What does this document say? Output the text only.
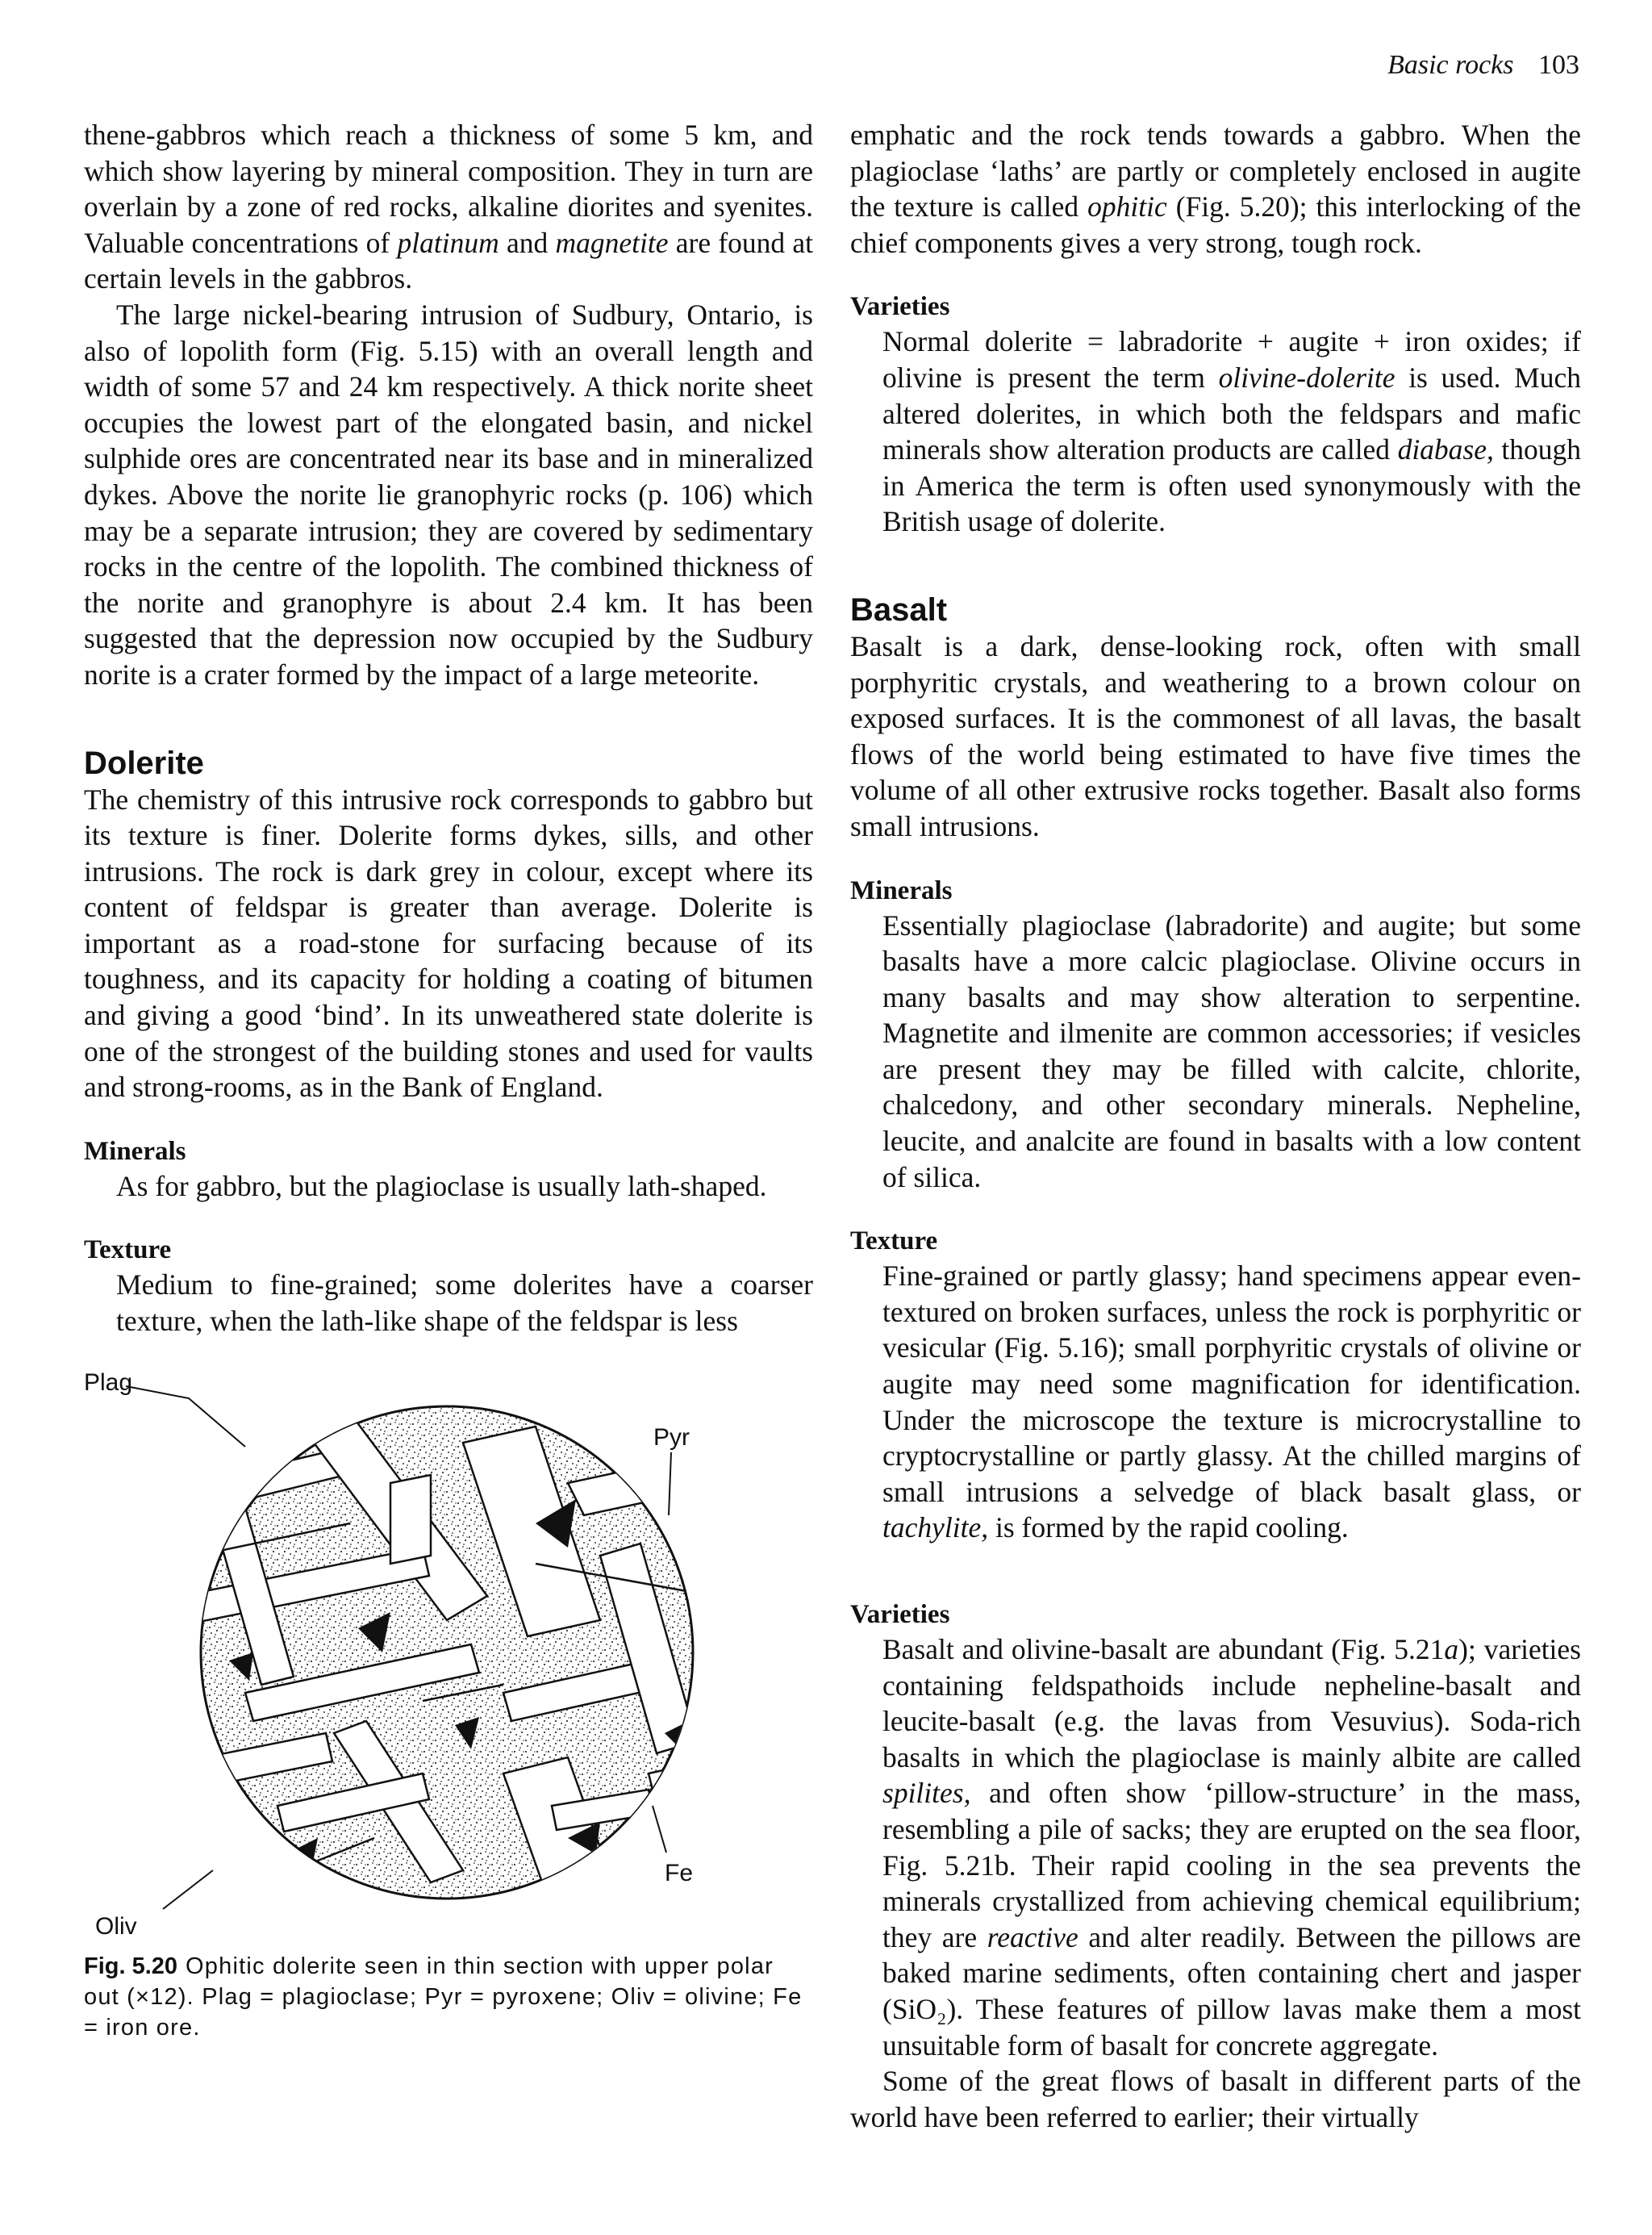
Basic rocks 103

thene-gabbros which reach a thickness of some 5 km, and which show layering by mineral composition. They in turn are overlain by a zone of red rocks, alkaline diorites and syenites. Valuable concentrations of platinum and magnetite are found at certain levels in the gabbros.

The large nickel-bearing intrusion of Sudbury, Ontario, is also of lopolith form (Fig. 5.15) with an overall length and width of some 57 and 24 km respectively. A thick norite sheet occupies the lowest part of the elongated basin, and nickel sulphide ores are concentrated near its base and in mineralized dykes. Above the norite lie granophyric rocks (p. 106) which may be a separate intrusion; they are covered by sedimentary rocks in the centre of the lopolith. The combined thickness of the norite and granophyre is about 2.4 km. It has been suggested that the depression now occupied by the Sudbury norite is a crater formed by the impact of a large meteorite.

Dolerite

The chemistry of this intrusive rock corresponds to gabbro but its texture is finer. Dolerite forms dykes, sills, and other intrusions. The rock is dark grey in colour, except where its content of feldspar is greater than average. Dolerite is important as a road-stone for surfacing because of its toughness, and its capacity for holding a coating of bitumen and giving a good ‘bind’. In its unweathered state dolerite is one of the strongest of the building stones and used for vaults and strong-rooms, as in the Bank of England.

Minerals

As for gabbro, but the plagioclase is usually lath-shaped.

Texture

Medium to fine-grained; some dolerites have a coarser texture, when the lath-like shape of the feldspar is less

Plag
Pyr
Fe
Oliv

Fig. 5.20 Ophitic dolerite seen in thin section with upper polar out (×12). Plag = plagioclase; Pyr = pyroxene; Oliv = olivine; Fe = iron ore.

emphatic and the rock tends towards a gabbro. When the plagioclase ‘laths’ are partly or completely enclosed in augite the texture is called ophitic (Fig. 5.20); this interlocking of the chief components gives a very strong, tough rock.

Varieties

Normal dolerite = labradorite + augite + iron oxides; if olivine is present the term olivine-dolerite is used. Much altered dolerites, in which both the feldspars and mafic minerals show alteration products are called diabase, though in America the term is often used synonymously with the British usage of dolerite.

Basalt

Basalt is a dark, dense-looking rock, often with small porphyritic crystals, and weathering to a brown colour on exposed surfaces. It is the commonest of all lavas, the basalt flows of the world being estimated to have five times the volume of all other extrusive rocks together. Basalt also forms small intrusions.

Minerals

Essentially plagioclase (labradorite) and augite; but some basalts have a more calcic plagioclase. Olivine occurs in many basalts and may show alteration to serpentine. Magnetite and ilmenite are common accessories; if vesicles are present they may be filled with calcite, chlorite, chalcedony, and other secondary minerals. Nepheline, leucite, and analcite are found in basalts with a low content of silica.

Texture

Fine-grained or partly glassy; hand specimens appear even-textured on broken surfaces, unless the rock is porphyritic or vesicular (Fig. 5.16); small porphyritic crystals of olivine or augite may need some magnification for identification. Under the microscope the texture is microcrystalline to cryptocrystalline or partly glassy. At the chilled margins of small intrusions a selvedge of black basalt glass, or tachylite, is formed by the rapid cooling.

Varieties

Basalt and olivine-basalt are abundant (Fig. 5.21a); varieties containing feldspathoids include nepheline-basalt and leucite-basalt (e.g. the lavas from Vesuvius). Soda-rich basalts in which the plagioclase is mainly albite are called spilites, and often show ‘pillow-structure’ in the mass, resembling a pile of sacks; they are erupted on the sea floor, Fig. 5.21b. Their rapid cooling in the sea prevents the minerals crystallized from achieving chemical equilibrium; they are reactive and alter readily. Between the pillows are baked marine sediments, often containing chert and jasper (SiO₂). These features of pillow lavas make them a most unsuitable form of basalt for concrete aggregate.

Some of the great flows of basalt in different parts of the world have been referred to earlier; their virtually
